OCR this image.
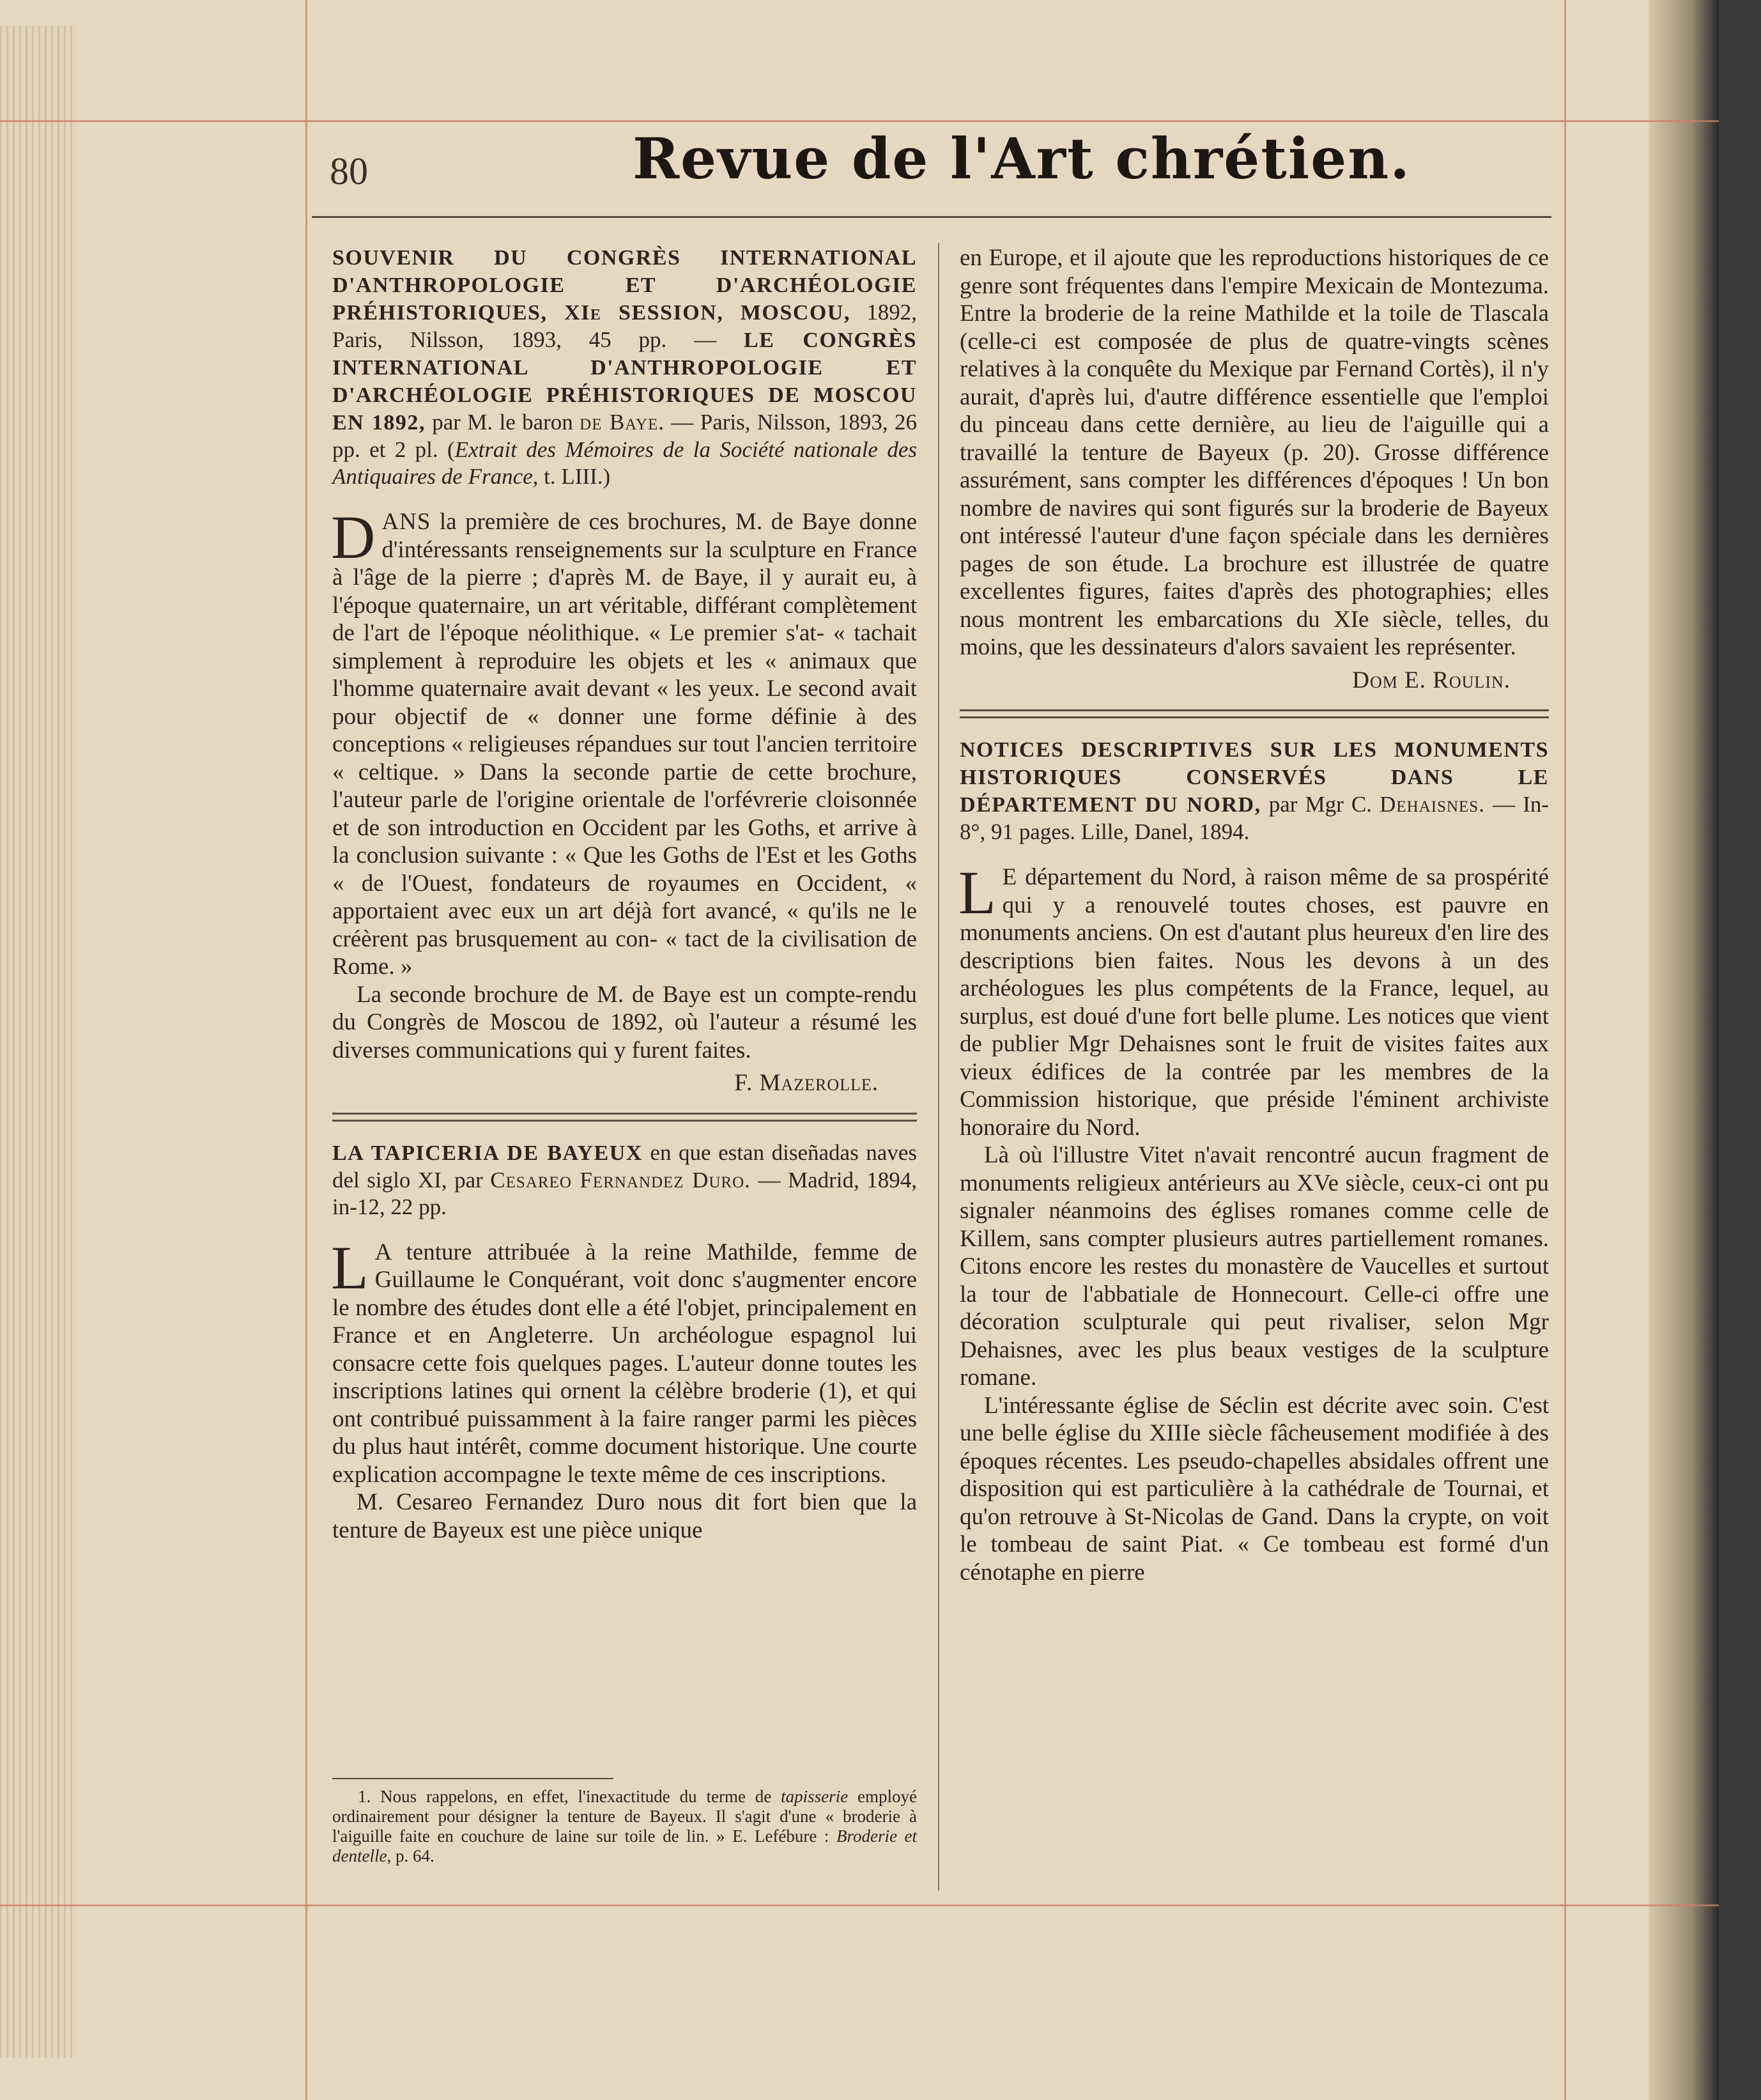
80	Revue de l'Art chrétien.
SOUVENIR DU CONGRÈS INTERNATIONAL D'ANTHROPOLOGIE ET D'ARCHÉOLOGIE PRÉHISTORIQUES, XIe SESSION, MOSCOU, 1892, Paris, Nilsson, 1893, 45 pp. — LE CONGRÈS INTERNATIONAL D'ANTHROPOLOGIE ET D'ARCHÉOLOGIE PRÉHISTORIQUES DE MOSCOU EN 1892, par M. le baron de Baye. — Paris, Nilsson, 1893, 26 pp. et 2 pl. (Extrait des Mémoires de la Société nationale des Antiquaires de France, t. LIII.)

DANS la première de ces brochures, M. de Baye donne d'intéressants renseignements sur la sculpture en France à l'âge de la pierre ; d'après M. de Baye, il y aurait eu, à l'époque quaternaire, un art véritable, différant complètement de l'art de l'époque néolithique. « Le premier s'at- « tachait simplement à reproduire les objets et les « animaux que l'homme quaternaire avait devant « les yeux. Le second avait pour objectif de « donner une forme définie à des conceptions « religieuses répandues sur tout l'ancien territoire « celtique. » Dans la seconde partie de cette brochure, l'auteur parle de l'origine orientale de l'orfévrerie cloisonnée et de son introduction en Occident par les Goths, et arrive à la conclusion suivante : « Que les Goths de l'Est et les Goths « de l'Ouest, fondateurs de royaumes en Occident, « apportaient avec eux un art déjà fort avancé, « qu'ils ne le créèrent pas brusquement au con- « tact de la civilisation de Rome. »

La seconde brochure de M. de Baye est un compte-rendu du Congrès de Moscou de 1892, où l'auteur a résumé les diverses communications qui y furent faites.

F. Mazerolle.
LA TAPICERIA DE BAYEUX en que estan diseñadas naves del siglo XI, par Cesareo Fernandez Duro. — Madrid, 1894, in-12, 22 pp.

L A tenture attribuée à la reine Mathilde, femme de Guillaume le Conquérant, voit donc s'augmenter encore le nombre des études dont elle a été l'objet, principalement en France et en Angleterre. Un archéologue espagnol lui consacre cette fois quelques pages. L'auteur donne toutes les inscriptions latines qui ornent la célèbre broderie (1), et qui ont contribué puissamment à la faire ranger parmi les pièces du plus haut intérêt, comme document historique. Une courte explication accompagne le texte même de ces inscriptions.

M. Cesareo Fernandez Duro nous dit fort bien que la tenture de Bayeux est une pièce unique

1. Nous rappelons, en effet, l'inexactitude du terme de tapisserie employé ordinairement pour désigner la tenture de Bayeux. Il s'agit d'une « broderie à l'aiguille faite en couchure de laine sur toile de lin. » E. Lefébure : Broderie et dentelle, p. 64.

en Europe, et il ajoute que les reproductions historiques de ce genre sont fréquentes dans l'empire Mexicain de Montezuma. Entre la broderie de la reine Mathilde et la toile de Tlascala (celle-ci est composée de plus de quatre-vingts scènes relatives à la conquête du Mexique par Fernand Cortès), il n'y aurait, d'après lui, d'autre différence essentielle que l'emploi du pinceau dans cette dernière, au lieu de l'aiguille qui a travaillé la tenture de Bayeux (p. 20). Grosse différence assurément, sans compter les différences d'époques ! Un bon nombre de navires qui sont figurés sur la broderie de Bayeux ont intéressé l'auteur d'une façon spéciale dans les dernières pages de son étude. La brochure est illustrée de quatre excellentes figures, faites d'après des photographies; elles nous montrent les embarcations du XIe siècle, telles, du moins, que les dessinateurs d'alors savaient les représenter.

Dom E. Roulin.
NOTICES DESCRIPTIVES SUR LES MONUMENTS HISTORIQUES CONSERVÉS DANS LE DÉPARTEMENT DU NORD, par Mgr C. Dehaisnes. — In-8°, 91 pages. Lille, Danel, 1894.

L E département du Nord, à raison même de sa prospérité qui y a renouvelé toutes choses, est pauvre en monuments anciens. On est d'autant plus heureux d'en lire des descriptions bien faites. Nous les devons à un des archéologues les plus compétents de la France, lequel, au surplus, est doué d'une fort belle plume. Les notices que vient de publier Mgr Dehaisnes sont le fruit de visites faites aux vieux édifices de la contrée par les membres de la Commission historique, que préside l'éminent archiviste honoraire du Nord.

Là où l'illustre Vitet n'avait rencontré aucun fragment de monuments religieux antérieurs au XVe siècle, ceux-ci ont pu signaler néanmoins des églises romanes comme celle de Killem, sans compter plusieurs autres partiellement romanes. Citons encore les restes du monastère de Vaucelles et surtout la tour de l'abbatiale de Honnecourt. Celle-ci offre une décoration sculpturale qui peut rivaliser, selon Mgr Dehaisnes, avec les plus beaux vestiges de la sculpture romane.

L'intéressante église de Séclin est décrite avec soin. C'est une belle église du XIIIe siècle fâcheusement modifiée à des époques récentes. Les pseudo-chapelles absidales offrent une disposition qui est particulière à la cathédrale de Tournai, et qu'on retrouve à St-Nicolas de Gand. Dans la crypte, on voit le tombeau de saint Piat. « Ce tombeau est formé d'un cénotaphe en pierre
